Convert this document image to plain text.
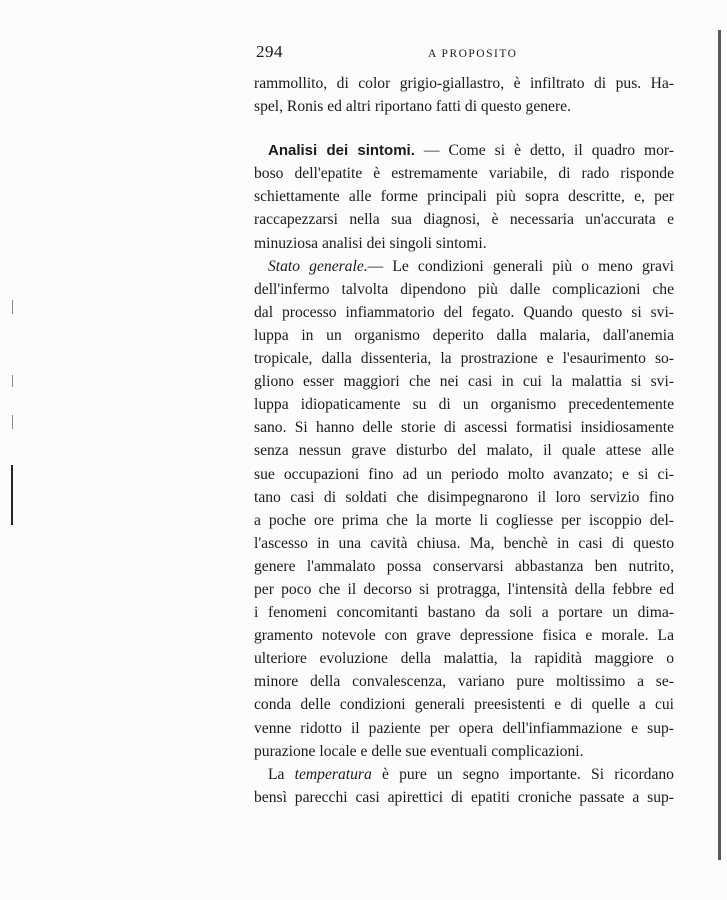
294	A PROPOSITO
rammollito, di color grigio-giallastro, è infiltrato di pus. Ha-
spel, Ronis ed altri riportano fatti di questo genere.
Analisi dei sintomi. — Come si è detto, il quadro mor-
boso dell'epatite è estremamente variabile, di rado risponde
schiettamente alle forme principali più sopra descritte, e, per
raccapezzarsi nella sua diagnosi, è necessaria un'accurata e
minuziosa analisi dei singoli sintomi.
Stato generale.— Le condizioni generali più o meno gravi
dell'infermo talvolta dipendono più dalle complicazioni che
dal processo infiammatorio del fegato. Quando questo si svi-
luppa in un organismo deperito dalla malaria, dall'anemia
tropicale, dalla dissenteria, la prostrazione e l'esaurimento so-
gliono esser maggiori che nei casi in cui la malattia si svi-
luppa idiopaticamente su di un organismo precedentemente
sano. Si hanno delle storie di ascessi formatisi insidiosamente
senza nessun grave disturbo del malato, il quale attese alle
sue occupazioni fino ad un periodo molto avanzato; e si ci-
tano casi di soldati che disimpegnarono il loro servizio fino
a poche ore prima che la morte li cogliesse per iscoppio del-
l'ascesso in una cavità chiusa. Ma, benchè in casi di questo
genere l'ammalato possa conservarsi abbastanza ben nutrito,
per poco che il decorso si protragga, l'intensità della febbre ed
i fenomeni concomitanti bastano da soli a portare un dima-
gramento notevole con grave depressione fisica e morale. La
ulteriore evoluzione della malattia, la rapidità maggiore o
minore della convalescenza, variano pure moltissimo a se-
conda delle condizioni generali preesistenti e di quelle a cui
venne ridotto il paziente per opera dell'infiammazione e sup-
purazione locale e delle sue eventuali complicazioni.
La temperatura è pure un segno importante. Si ricordano
bensì parecchi casi apirettici di epatiti croniche passate a sup-
